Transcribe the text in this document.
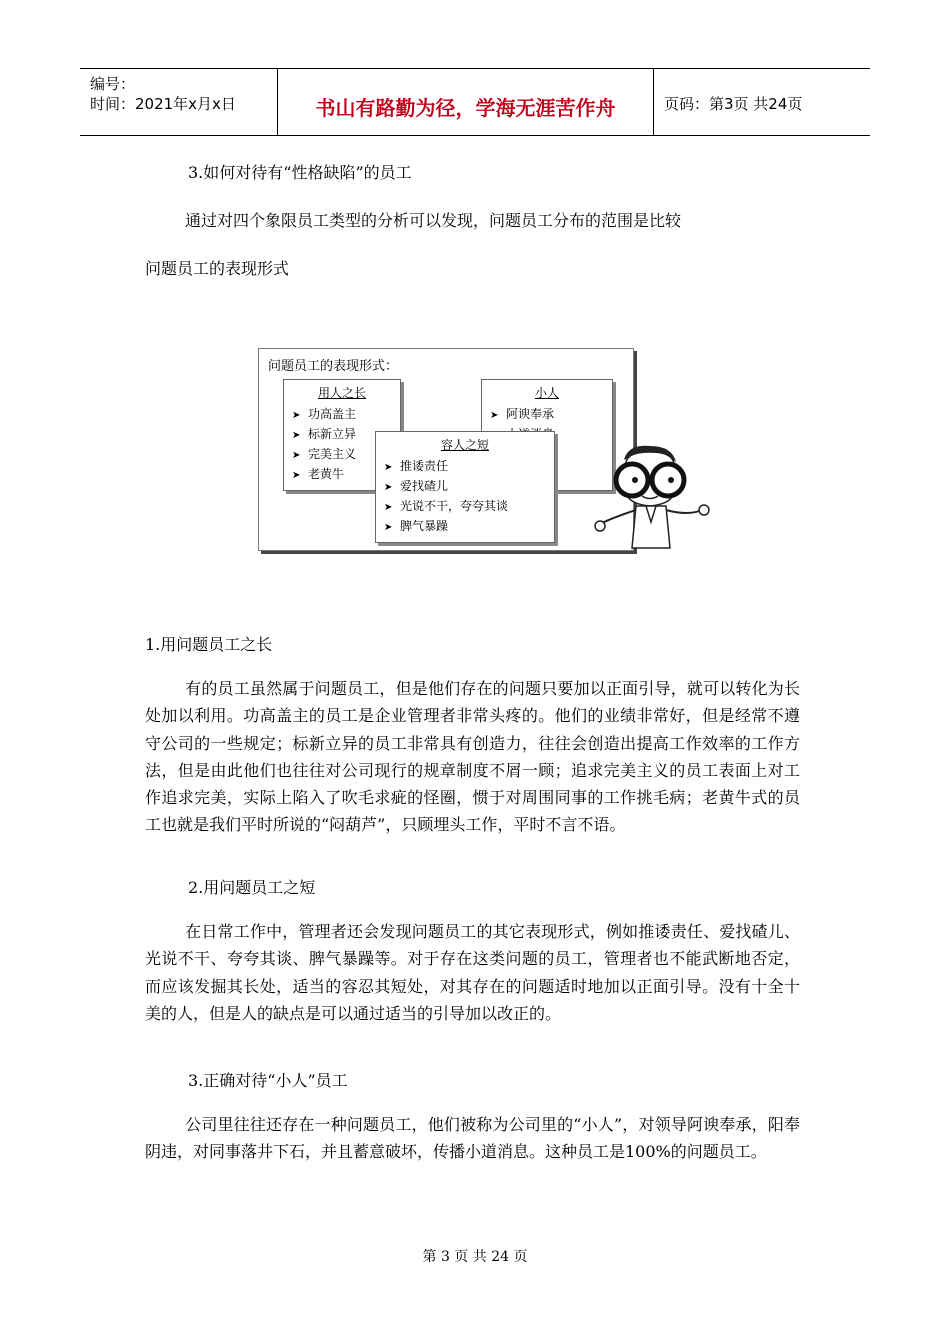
编号：
时间：2021年x月x日	书山有路勤为径，学海无涯苦作舟	页码：第3页 共24页
3.如何对待有“性格缺陷”的员工
通过对四个象限员工类型的分析可以发现，问题员工分布的范围是比较
问题员工的表现形式
问题员工的表现形式：
用人之长
➤ 功高盖主
➤ 标新立异
➤ 完美主义
➤ 老黄牛
小人
➤ 阿谀奉承
容人之短
➤ 推诿责任
➤ 爱找碴儿
➤ 光说不干，夸夸其谈
➤ 脾气暴躁
1.用问题员工之长
有的员工虽然属于问题员工，但是他们存在的问题只要加以正面引导，就可以转化为长处加以利用。功高盖主的员工是企业管理者非常头疼的。他们的业绩非常好，但是经常不遵守公司的一些规定；标新立异的员工非常具有创造力，往往会创造出提高工作效率的工作方法，但是由此他们也往往对公司现行的规章制度不屑一顾；追求完美主义的员工表面上对工作追求完美，实际上陷入了吹毛求疵的怪圈，惯于对周围同事的工作挑毛病；老黄牛式的员工也就是我们平时所说的“闷葫芦”，只顾埋头工作，平时不言不语。
2.用问题员工之短
在日常工作中，管理者还会发现问题员工的其它表现形式，例如推诿责任、爱找碴儿、光说不干、夸夸其谈、脾气暴躁等。对于存在这类问题的员工，管理者也不能武断地否定，而应该发掘其长处，适当的容忍其短处，对其存在的问题适时地加以正面引导。没有十全十美的人，但是人的缺点是可以通过适当的引导加以改正的。
3.正确对待“小人”员工
公司里往往还存在一种问题员工，他们被称为公司里的“小人”，对领导阿谀奉承，阳奉阴违，对同事落井下石，并且蓄意破坏，传播小道消息。这种员工是100%的问题员工。
第 3 页 共 24 页
